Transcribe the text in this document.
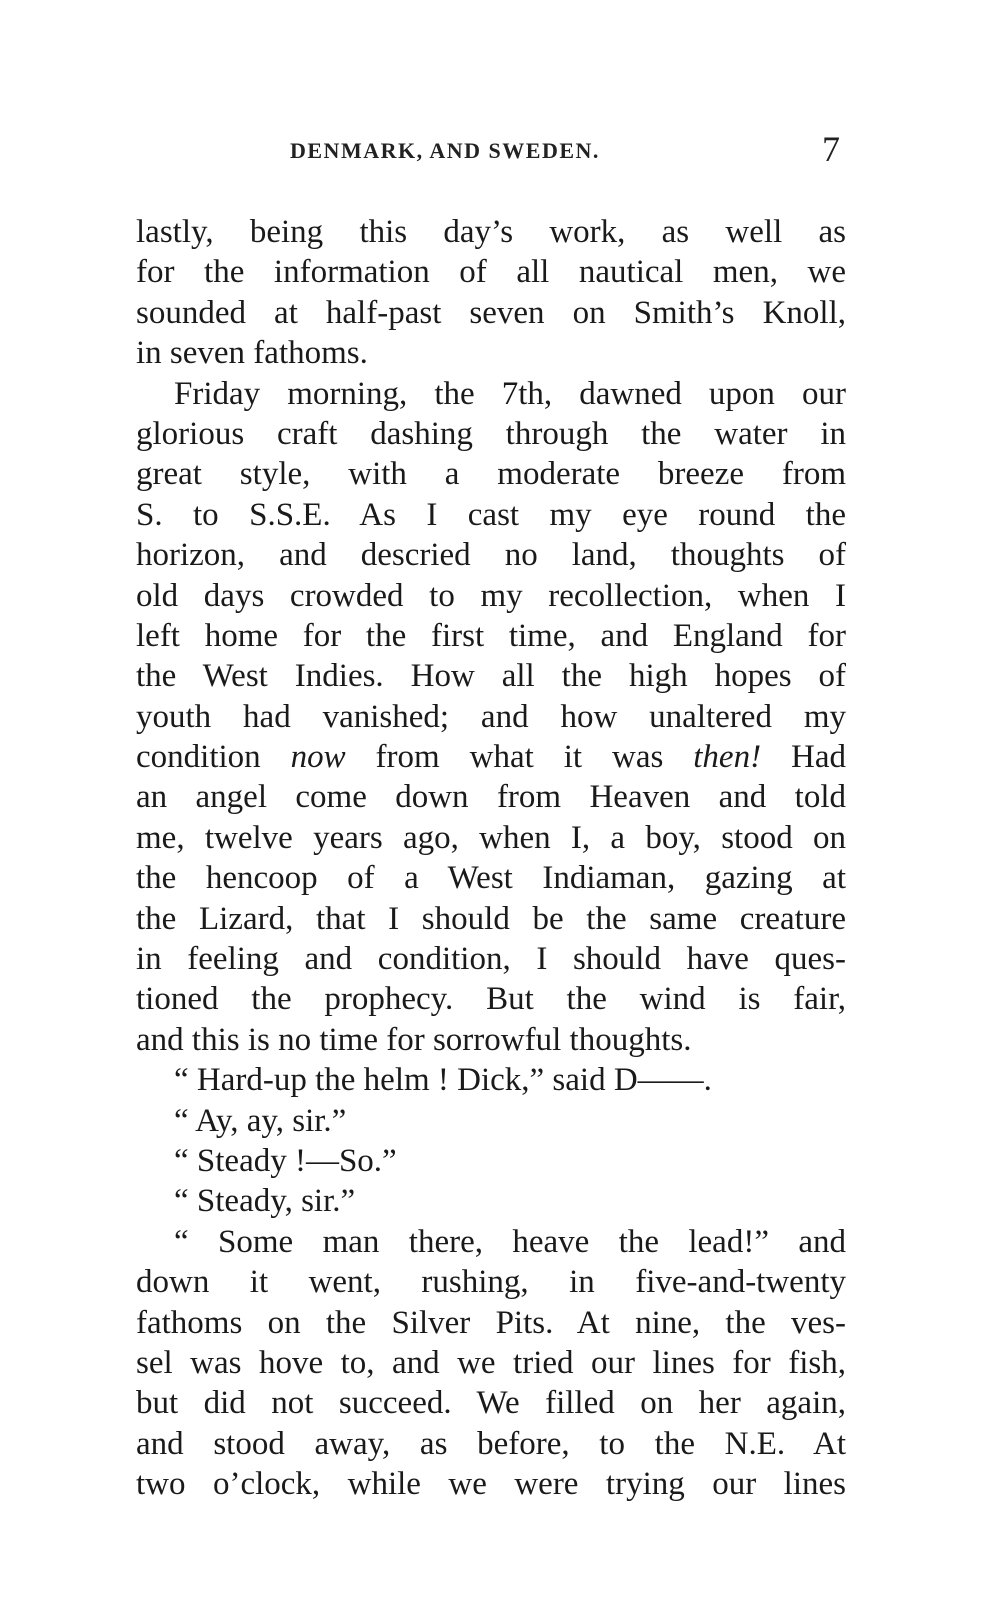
DENMARK, AND SWEDEN.	7
lastly, being this day’s work, as well as
for the information of all nautical men, we
sounded at half-past seven on Smith’s Knoll,
in seven fathoms.
Friday morning, the 7th, dawned upon our
glorious craft dashing through the water in
great style, with a moderate breeze from
S. to S.S.E. As I cast my eye round the
horizon, and descried no land, thoughts of
old days crowded to my recollection, when I
left home for the first time, and England for
the West Indies. How all the high hopes of
youth had vanished; and how unaltered my
condition now from what it was then! Had
an angel come down from Heaven and told
me, twelve years ago, when I, a boy, stood on
the hencoop of a West Indiaman, gazing at
the Lizard, that I should be the same creature
in feeling and condition, I should have ques-
tioned the prophecy. But the wind is fair,
and this is no time for sorrowful thoughts.
“ Hard-up the helm ! Dick,” said D——.
“ Ay, ay, sir.”
“ Steady !—So.”
“ Steady, sir.”
“ Some man there, heave the lead!” and
down it went, rushing, in five-and-twenty
fathoms on the Silver Pits. At nine, the ves-
sel was hove to, and we tried our lines for fish,
but did not succeed. We filled on her again,
and stood away, as before, to the N.E. At
two o’clock, while we were trying our lines
